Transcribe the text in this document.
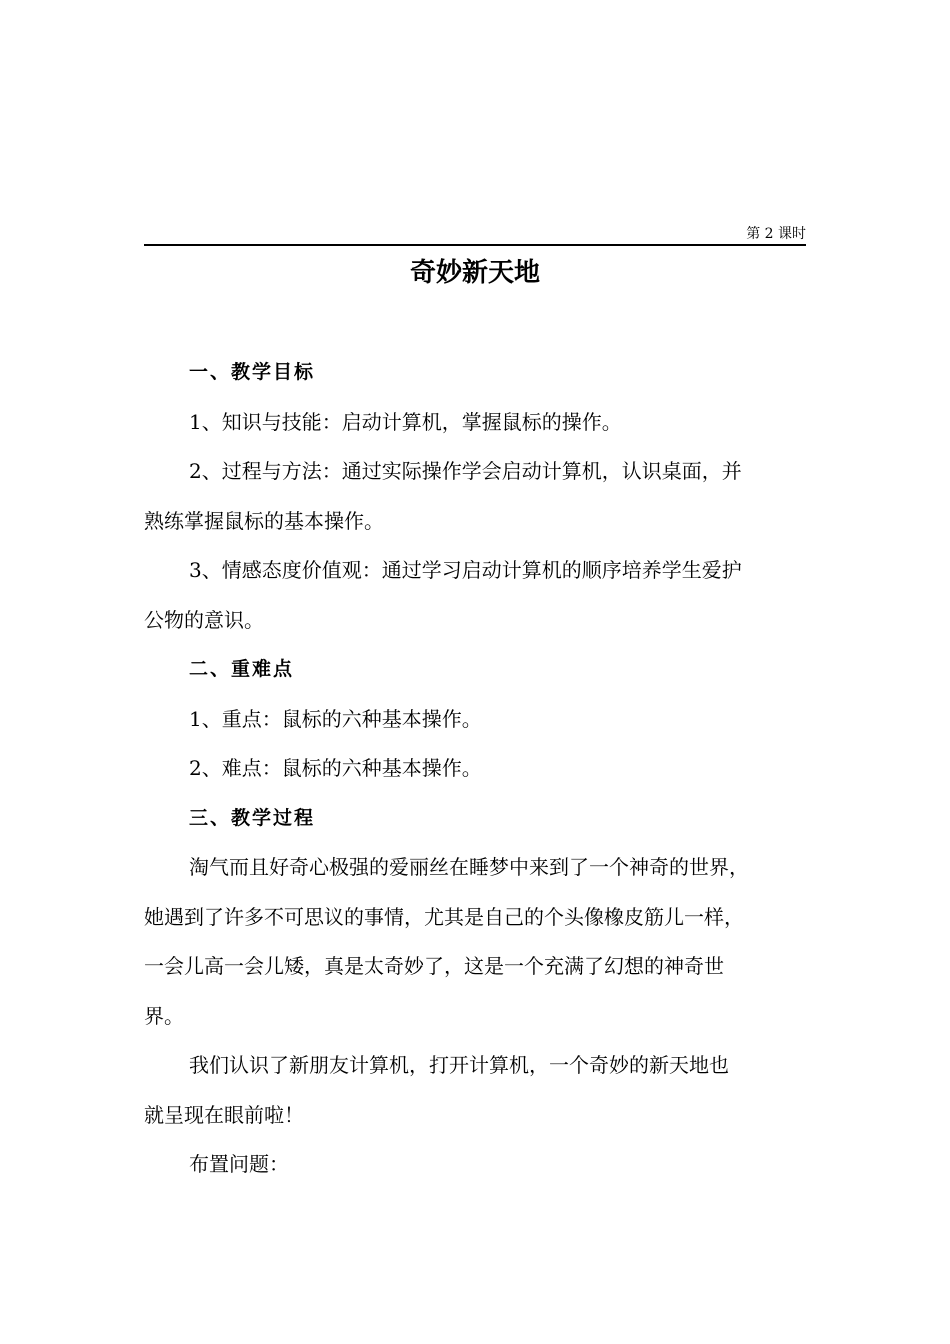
第 2 课时
奇妙新天地
一、教学目标
1、知识与技能：启动计算机，掌握鼠标的操作。
2、过程与方法：通过实际操作学会启动计算机，认识桌面，并
熟练掌握鼠标的基本操作。
3、情感态度价值观：通过学习启动计算机的顺序培养学生爱护
公物的意识。
二、重难点
1、重点：鼠标的六种基本操作。
2、难点：鼠标的六种基本操作。
三、教学过程
淘气而且好奇心极强的爱丽丝在睡梦中来到了一个神奇的世界，
她遇到了许多不可思议的事情，尤其是自己的个头像橡皮筋儿一样，
一会儿高一会儿矮，真是太奇妙了，这是一个充满了幻想的神奇世
界。
我们认识了新朋友计算机，打开计算机，一个奇妙的新天地也
就呈现在眼前啦！
布置问题：
